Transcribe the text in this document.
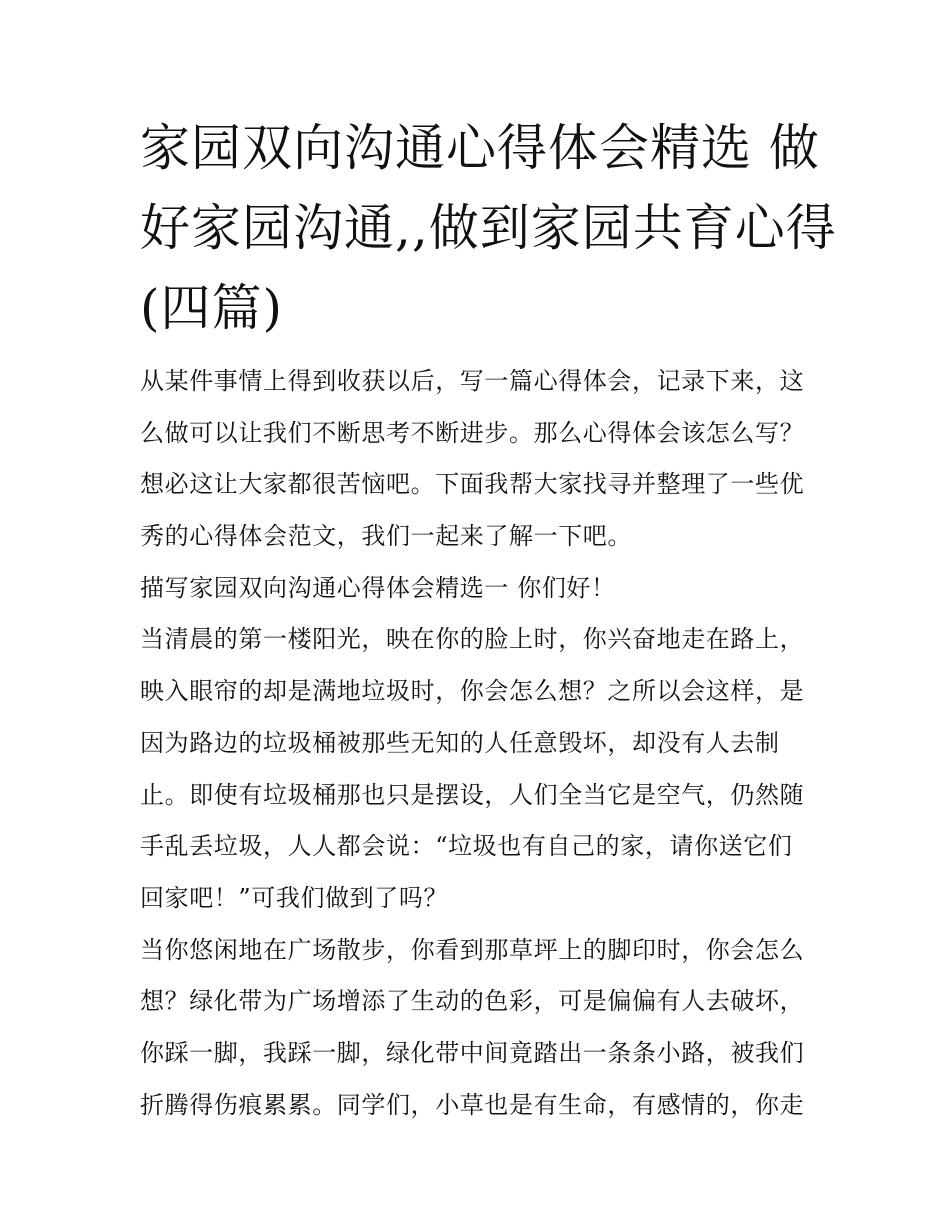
家园双向沟通心得体会精选 做
好家园沟通,,做到家园共育心得
(四篇)
从某件事情上得到收获以后，写一篇心得体会，记录下来，这
么做可以让我们不断思考不断进步。那么心得体会该怎么写？
想必这让大家都很苦恼吧。下面我帮大家找寻并整理了一些优
秀的心得体会范文，我们一起来了解一下吧。
描写家园双向沟通心得体会精选一 你们好！
当清晨的第一楼阳光，映在你的脸上时，你兴奋地走在路上，
映入眼帘的却是满地垃圾时，你会怎么想？之所以会这样，是
因为路边的垃圾桶被那些无知的人任意毁坏，却没有人去制
止。即使有垃圾桶那也只是摆设，人们全当它是空气，仍然随
手乱丢垃圾，人人都会说：“垃圾也有自己的家，请你送它们
回家吧！”可我们做到了吗？
当你悠闲地在广场散步，你看到那草坪上的脚印时，你会怎么
想？绿化带为广场增添了生动的色彩，可是偏偏有人去破坏，
你踩一脚，我踩一脚，绿化带中间竟踏出一条条小路，被我们
折腾得伤痕累累。同学们，小草也是有生命，有感情的，你走
